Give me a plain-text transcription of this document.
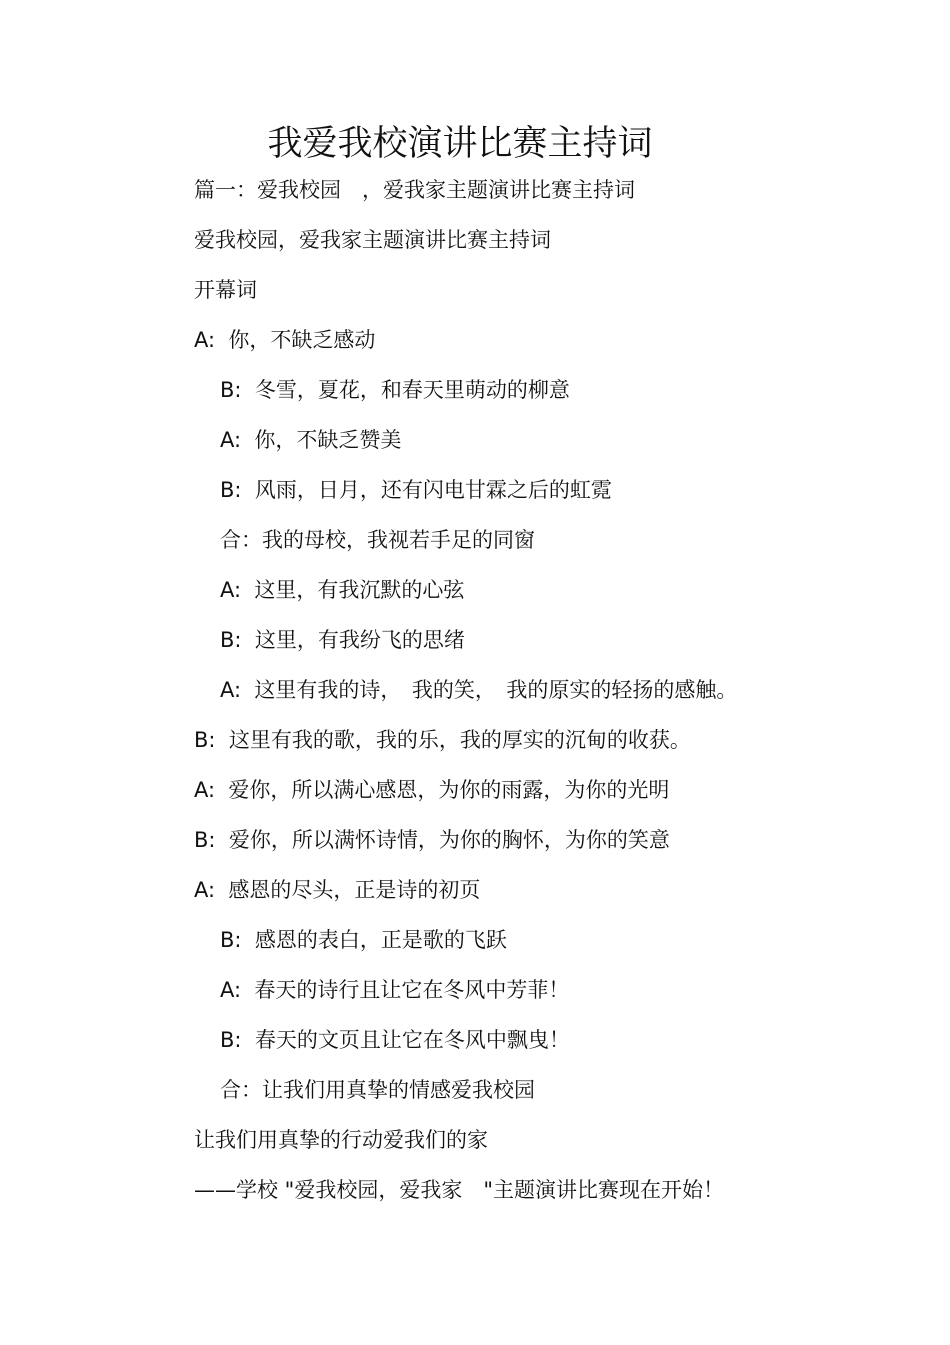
我爱我校演讲比赛主持词
篇一：爱我校园　，爱我家主题演讲比赛主持词
爱我校园，爱我家主题演讲比赛主持词
开幕词
A:  你，不缺乏感动
B:  冬雪，夏花，和春天里萌动的柳意
A:  你，不缺乏赞美
B:  风雨，日月，还有闪电甘霖之后的虹霓
合：我的母校，我视若手足的同窗
A:  这里，有我沉默的心弦
B:  这里，有我纷飞的思绪
A:  这里有我的诗，　我的笑，　我的原实的轻扬的感触。
B:  这里有我的歌，我的乐，我的厚实的沉甸的收获。
A:  爱你，所以满心感恩，为你的雨露，为你的光明
B:  爱你，所以满怀诗情，为你的胸怀，为你的笑意
A:  感恩的尽头，正是诗的初页
B:  感恩的表白，正是歌的飞跃
A:  春天的诗行且让它在冬风中芳菲！
B:  春天的文页且让它在冬风中飘曳！
合：让我们用真挚的情感爱我校园
让我们用真挚的行动爱我们的家
——学校 "爱我校园，爱我家　"主题演讲比赛现在开始！
